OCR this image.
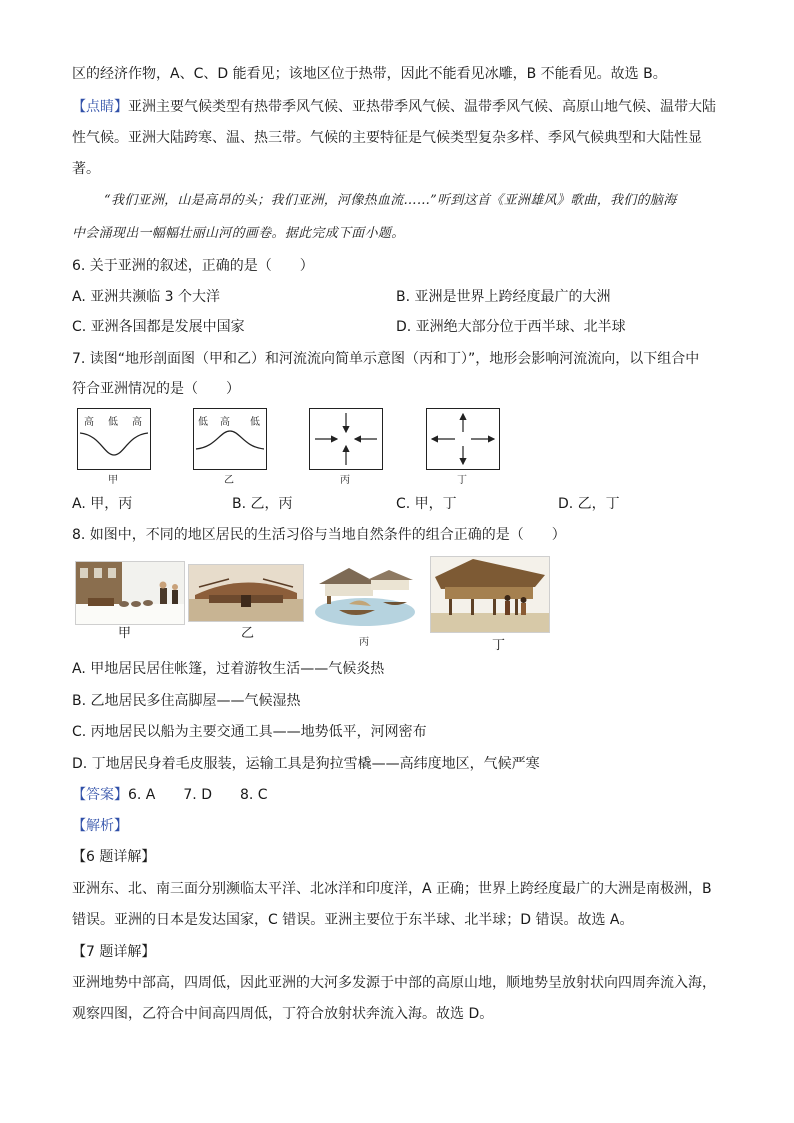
区的经济作物，A、C、D 能看见；该地区位于热带，因此不能看见冰雕，B 不能看见。故选 B。
【点睛】亚洲主要气候类型有热带季风气候、亚热带季风气候、温带季风气候、高原山地气候、温带大陆
性气候。亚洲大陆跨寒、温、热三带。气候的主要特征是气候类型复杂多样、季风气候典型和大陆性显
著。
“我们亚洲，山是高昂的头；我们亚洲，河像热血流……”听到这首《亚洲雄风》歌曲，我们的脑海
中会涌现出一幅幅壮丽山河的画卷。据此完成下面小题。
6. 关于亚洲的叙述，正确的是（　　）
A. 亚洲共濒临 3 个大洋	B. 亚洲是世界上跨经度最广的大洲
C. 亚洲各国都是发展中国家	D. 亚洲绝大部分位于西半球、北半球
7. 读图“地形剖面图（甲和乙）和河流流向简单示意图（丙和丁）”，地形会影响河流流向，以下组合中
符合亚洲情况的是（　　）
高 低 高
甲
低 高 低
乙	丙	丁
A. 甲，丙	B. 乙，丙	C. 甲，丁	D. 乙，丁
8. 如图中，不同的地区居民的生活习俗与当地自然条件的组合正确的是（　　）
甲	乙
丙	丁
A. 甲地居民居住帐篷，过着游牧生活——气候炎热
B. 乙地居民多住高脚屋——气候湿热
C. 丙地居民以船为主要交通工具——地势低平，河网密布
D. 丁地居民身着毛皮服装，运输工具是狗拉雪橇——高纬度地区，气候严寒
【答案】6. A　　7. D　　8. C
【解析】
【6 题详解】
亚洲东、北、南三面分别濒临太平洋、北冰洋和印度洋，A 正确；世界上跨经度最广的大洲是南极洲，B
错误。亚洲的日本是发达国家，C 错误。亚洲主要位于东半球、北半球；D 错误。故选 A。
【7 题详解】
亚洲地势中部高，四周低，因此亚洲的大河多发源于中部的高原山地，顺地势呈放射状向四周奔流入海，
观察四图，乙符合中间高四周低，丁符合放射状奔流入海。故选 D。
